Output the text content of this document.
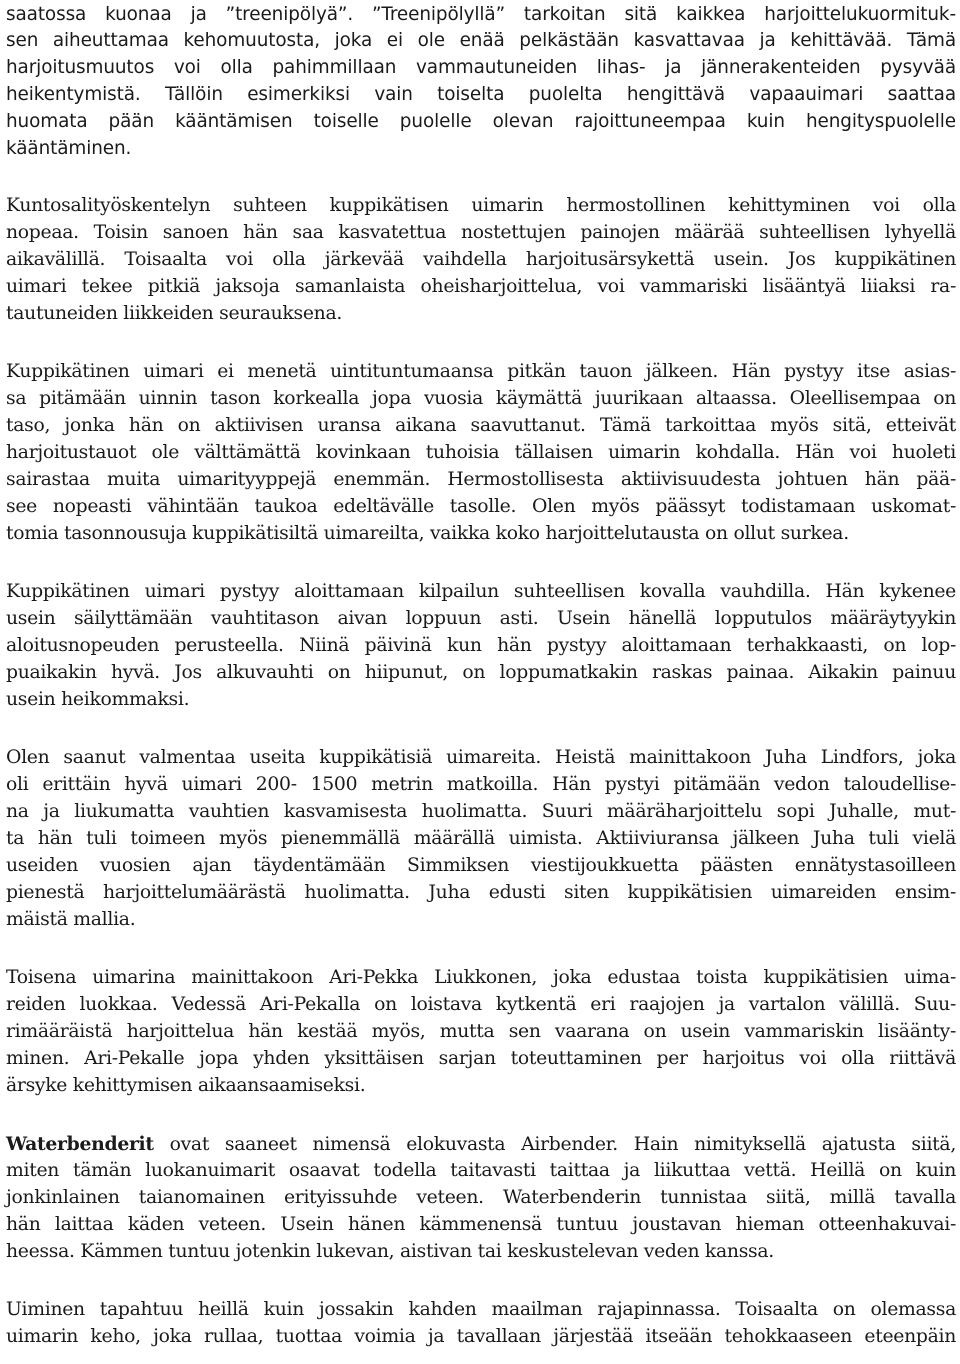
saatossa kuonaa ja ”treenipölyä”. ”Treenipölyllä” tarkoitan sitä kaikkea harjoittelukuormituk-
sen aiheuttamaa kehomuutosta, joka ei ole enää pelkästään kasvattavaa ja kehittävää. Tämä
harjoitusmuutos voi olla pahimmillaan vammautuneiden lihas- ja jännerakenteiden pysyvää
heikentymistä. Tällöin esimerkiksi vain toiselta puolelta hengittävä vapaauimari saattaa
huomata pään kääntämisen toiselle puolelle olevan rajoittuneempaa kuin hengityspuolelle
kääntäminen.
Kuntosalityöskentelyn suhteen kuppikätisen uimarin hermostollinen kehittyminen voi olla
nopeaa. Toisin sanoen hän saa kasvatettua nostettujen painojen määrää suhteellisen lyhyellä
aikavälillä. Toisaalta voi olla järkevää vaihdella harjoitusärsykettä usein. Jos kuppikätinen
uimari tekee pitkiä jaksoja samanlaista oheisharjoittelua, voi vammariski lisääntyä liiaksi ra-
tautuneiden liikkeiden seurauksena.
Kuppikätinen uimari ei menetä uintituntumaansa pitkän tauon jälkeen. Hän pystyy itse asias-
sa pitämään uinnin tason korkealla jopa vuosia käymättä juurikaan altaassa. Oleellisempaa on
taso, jonka hän on aktiivisen uransa aikana saavuttanut. Tämä tarkoittaa myös sitä, etteivät
harjoitustauot ole välttämättä kovinkaan tuhoisia tällaisen uimarin kohdalla. Hän voi huoleti
sairastaa muita uimarityyppejä enemmän. Hermostollisesta aktiivisuudesta johtuen hän pää-
see nopeasti vähintään taukoa edeltävälle tasolle. Olen myös päässyt todistamaan uskomat-
tomia tasonnousuja kuppikätisiltä uimareilta, vaikka koko harjoittelutausta on ollut surkea.
Kuppikätinen uimari pystyy aloittamaan kilpailun suhteellisen kovalla vauhdilla. Hän kykenee
usein säilyttämään vauhtitason aivan loppuun asti. Usein hänellä lopputulos määräytyykin
aloitusnopeuden perusteella. Niinä päivinä kun hän pystyy aloittamaan terhakkaasti, on lop-
puaikakin hyvä. Jos alkuvauhti on hiipunut, on loppumatkakin raskas painaa. Aikakin painuu
usein heikommaksi.
Olen saanut valmentaa useita kuppikätisiä uimareita. Heistä mainittakoon Juha Lindfors, joka
oli erittäin hyvä uimari 200- 1500 metrin matkoilla. Hän pystyi pitämään vedon taloudellise-
na ja liukumatta vauhtien kasvamisesta huolimatta. Suuri määräharjoittelu sopi Juhalle, mut-
ta hän tuli toimeen myös pienemmällä määrällä uimista. Aktiiviuransa jälkeen Juha tuli vielä
useiden vuosien ajan täydentämään Simmiksen viestijoukkuetta päästen ennätystasoilleen
pienestä harjoittelumäärästä huolimatta. Juha edusti siten kuppikätisien uimareiden ensim-
mäistä mallia.
Toisena uimarina mainittakoon Ari-Pekka Liukkonen, joka edustaa toista kuppikätisien uima-
reiden luokkaa. Vedessä Ari-Pekalla on loistava kytkentä eri raajojen ja vartalon välillä. Suu-
rimääräistä harjoittelua hän kestää myös, mutta sen vaarana on usein vammariskin lisäänty-
minen. Ari-Pekalle jopa yhden yksittäisen sarjan toteuttaminen per harjoitus voi olla riittävä
ärsyke kehittymisen aikaansaamiseksi.
Waterbenderit ovat saaneet nimensä elokuvasta Airbender. Hain nimityksellä ajatusta siitä,
miten tämän luokanuimarit osaavat todella taitavasti taittaa ja liikuttaa vettä. Heillä on kuin
jonkinlainen taianomainen erityissuhde veteen. Waterbenderin tunnistaa siitä, millä tavalla
hän laittaa käden veteen. Usein hänen kämmenensä tuntuu joustavan hieman otteenhakuvai-
heessa. Kämmen tuntuu jotenkin lukevan, aistivan tai keskustelevan veden kanssa.
Uiminen tapahtuu heillä kuin jossakin kahden maailman rajapinnassa. Toisaalta on olemassa
uimarin keho, joka rullaa, tuottaa voimia ja tavallaan järjestää itseään tehokkaaseen eteenpäin
